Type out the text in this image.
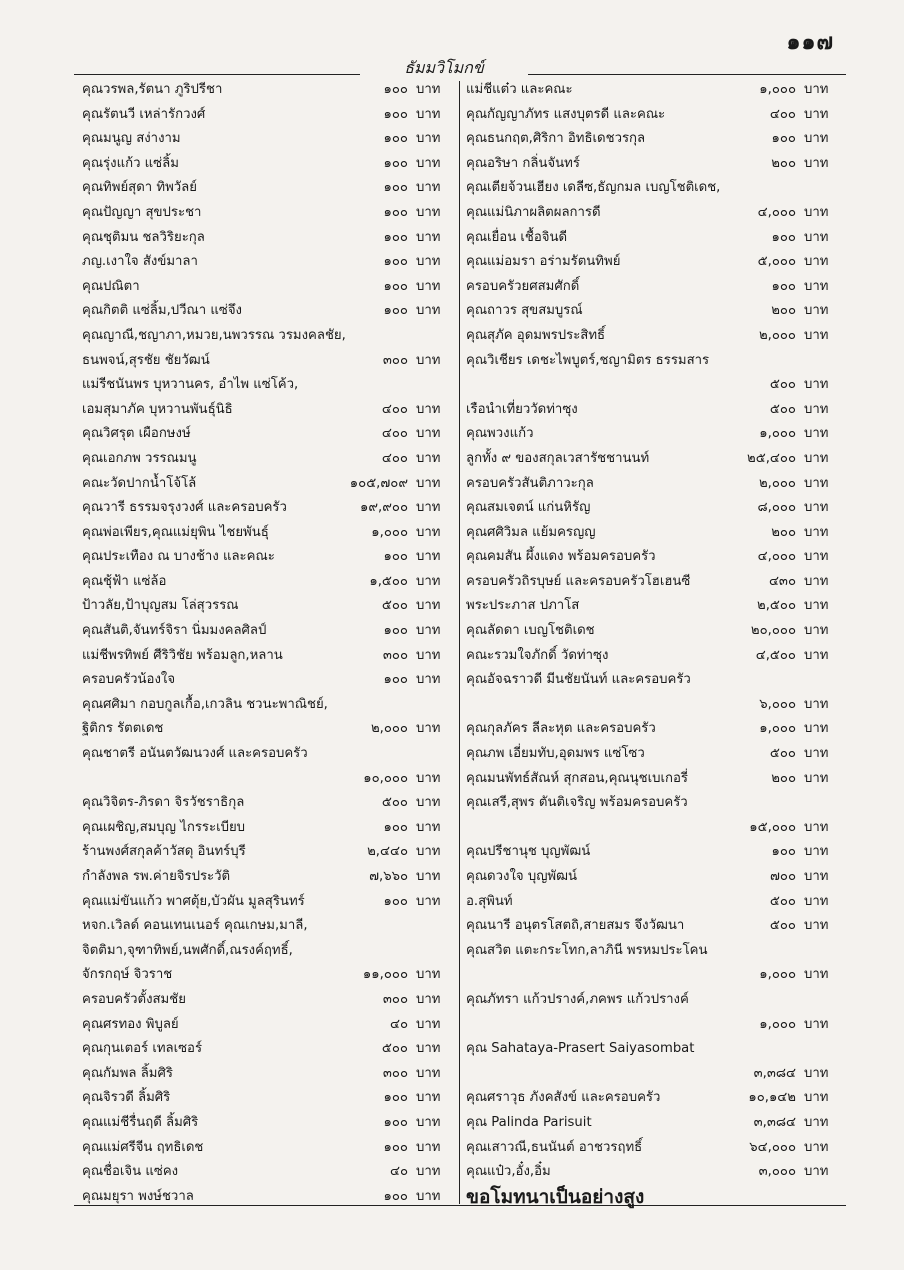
๑๑๗
ธัมมวิโมกข์
คุณวรพล,รัตนา ภูริปรีชา	๑๐๐ บาท
คุณรัตนวี เหล่ารักวงศ์	๑๐๐ บาท
คุณมนูญ สง่างาม	๑๐๐ บาท
คุณรุ่งแก้ว แซ่ลิ้ม	๑๐๐ บาท
คุณทิพย์สุดา ทิพวัลย์	๑๐๐ บาท
คุณปัญญา สุขประชา	๑๐๐ บาท
คุณชุติมน ชลวิริยะกุล	๑๐๐ บาท
ภญ.เงาใจ สังข์มาลา	๑๐๐ บาท
คุณปณิตา	๑๐๐ บาท
คุณกิตติ แซ่ลิ้ม,ปวีณา แซ่จึง	๑๐๐ บาท
คุณญาณี,ชญาภา,หมวย,นพวรรณ วรมงคลชัย,
ธนพจน์,สุรชัย ชัยวัฒน์	๓๐๐ บาท
แม่รีชนันพร บุหวานคร, อำไพ แซ่โค้ว,
เอมสุมาภัค บุหวานพันธุ์นิธิ	๔๐๐ บาท
คุณวิศรุต เผือกษงษ์	๔๐๐ บาท
คุณเอกภพ วรรณมนู	๔๐๐ บาท
คณะวัดปากน้ำโจ้โล้	๑๐๕,๗๐๙ บาท
คุณวารี ธรรมจรุงวงศ์ และครอบครัว	๑๙,๙๐๐ บาท
คุณพ่อเพียร,คุณแม่ยุพิน ไชยพันธุ์	๑,๐๐๐ บาท
คุณประเทือง ณ บางช้าง และคณะ	๑๐๐ บาท
คุณชุ้ฟ้า แซ่ล้อ	๑,๕๐๐ บาท
ป้าวลัย,ป้าบุญสม โล่สุวรรณ	๕๐๐ บาท
คุณสันติ,จันทร์จิรา นิ่มมงคลศิลป์	๑๐๐ บาท
แม่ชีพรทิพย์ ศีริวิชัย พร้อมลูก,หลาน	๓๐๐ บาท
ครอบครัวน้องใจ	๑๐๐ บาท
คุณศศิมา กอบกูลเกื้อ,เกวลิน ชวนะพาณิชย์,
ฐิติกร รัตตเดช	๒,๐๐๐ บาท
คุณชาตรี อนันตวัฒนวงศ์ และครอบครัว
๑๐,๐๐๐ บาท
คุณวิจิตร-ภิรดา จิรวัชราธิกุล	๕๐๐ บาท
คุณเผชิญ,สมบุญ ไกรระเบียบ	๑๐๐ บาท
ร้านพงศ์สกุลค้าวัสดุ อินทร์บุรี	๒,๔๔๐ บาท
กำลังพล รพ.ค่ายจิรประวัติ	๗,๖๖๐ บาท
คุณแม่ขันแก้ว พาศตุ้ย,บัวผัน มูลสุรินทร์	๑๐๐ บาท
หจก.เวิลด์ คอนเทนเนอร์ คุณเกษม,มาลี,
จิตติมา,จุฑาทิพย์,นพศักดิ์,ณรงค์ฤทธิ์,
จักรกฤษ์ จิวราช	๑๑,๐๐๐ บาท
ครอบครัวตั้งสมชัย	๓๐๐ บาท
คุณศรทอง พิบูลย์	๔๐ บาท
คุณกุนเตอร์ เทลเซอร์	๕๐๐ บาท
คุณกัมพล ลิ้มศิริ	๓๐๐ บาท
คุณจิรวดี ลิ้มศิริ	๑๐๐ บาท
คุณแม่ชีรื่นฤดี ลิ้มศิริ	๑๐๐ บาท
คุณแม่ศรีจีน ฤทธิเดช	๑๐๐ บาท
คุณชื่อเจิน แซ่คง	๔๐ บาท
คุณมยุรา พงษ์ชวาล	๑๐๐ บาท
แม่ชีแต๋ว และคณะ	๑,๐๐๐ บาท
คุณกัญญาภัทร แสงบุตรดี และคณะ	๔๐๐ บาท
คุณธนกฤต,ศิริกา อิทธิเดชวรกุล	๑๐๐ บาท
คุณอริษา กลิ่นจันทร์	๒๐๐ บาท
คุณเตียจ้วนเฮียง เดลีซ,ธัญกมล เบญโชติเดช,
คุณแม่นิภาผลิตผลการดี	๔,๐๐๐ บาท
คุณเยื่อน เชื้อจินดี	๑๐๐ บาท
คุณแม่อมรา อร่ามรัตนทิพย์	๕,๐๐๐ บาท
ครอบครัวยศสมศักดิ์	๑๐๐ บาท
คุณถาวร สุขสมบูรณ์	๒๐๐ บาท
คุณสุภัค อุดมพรประสิทธิ์	๒,๐๐๐ บาท
คุณวิเชียร เดชะไพบูตร์,ชญามิตร ธรรมสาร
๕๐๐ บาท
เรือนำเที่ยววัดท่าซุง	๕๐๐ บาท
คุณพวงแก้ว	๑,๐๐๐ บาท
ลูกทั้ง ๙ ของสกุลเวสารัชชานนท์	๒๕,๔๐๐ บาท
ครอบครัวสันติภาวะกุล	๒,๐๐๐ บาท
คุณสมเจตน์ แก่นหิรัญ	๘,๐๐๐ บาท
คุณศศิวิมล แย้มครญญ	๒๐๐ บาท
คุณคมสัน ผึ้งแดง พร้อมครอบครัว	๔,๐๐๐ บาท
ครอบครัวถิรบุษย์ และครอบครัวโฮเฮนซี	๔๓๐ บาท
พระประภาส ปภาโส	๒,๕๐๐ บาท
คุณลัดดา เบญโชติเดช	๒๐,๐๐๐ บาท
คณะรวมใจภักดิ์ วัดท่าซุง	๔,๕๐๐ บาท
คุณอัจฉราวดี มีนชัยนันท์ และครอบครัว
๖,๐๐๐ บาท
คุณกุลภัคร ลีละหุต และครอบครัว	๑,๐๐๐ บาท
คุณภพ เอี่ยมทับ,อุดมพร แซ่โซว	๕๐๐ บาท
คุณมนพัทธ์สัณห์ สุกสอน,คุณนุชเบเกอรี่	๒๐๐ บาท
คุณเสรี,สุพร ตันติเจริญ พร้อมครอบครัว
๑๕,๐๐๐ บาท
คุณปรีชานุช บุญพัฒน์	๑๐๐ บาท
คุณดวงใจ บุญพัฒน์	๗๐๐ บาท
อ.สุพินท์	๕๐๐ บาท
คุณนารี อนุตรโสตถิ,สายสมร จึงวัฒนา	๕๐๐ บาท
คุณสวิต แตะกระโทก,ลาภินี พรหมประโคน
๑,๐๐๐ บาท
คุณภัทรา แก้วปรางค์,ภคพร แก้วปรางค์
๑,๐๐๐ บาท
คุณ Sahataya-Prasert Saiyasombat
๓,๓๘๔ บาท
คุณศราวุธ ภังคสังข์ และครอบครัว	๑๐,๑๔๒ บาท
คุณ Palinda Parisuit	๓,๓๘๔ บาท
คุณเสาวณี,ธนนันต์ อาชวรฤทธิ์	๖๔,๐๐๐ บาท
คุณแป๋ว,อั๋ง,อิ๋ม	๓,๐๐๐ บาท
ขอโมทนาเป็นอย่างสูง
